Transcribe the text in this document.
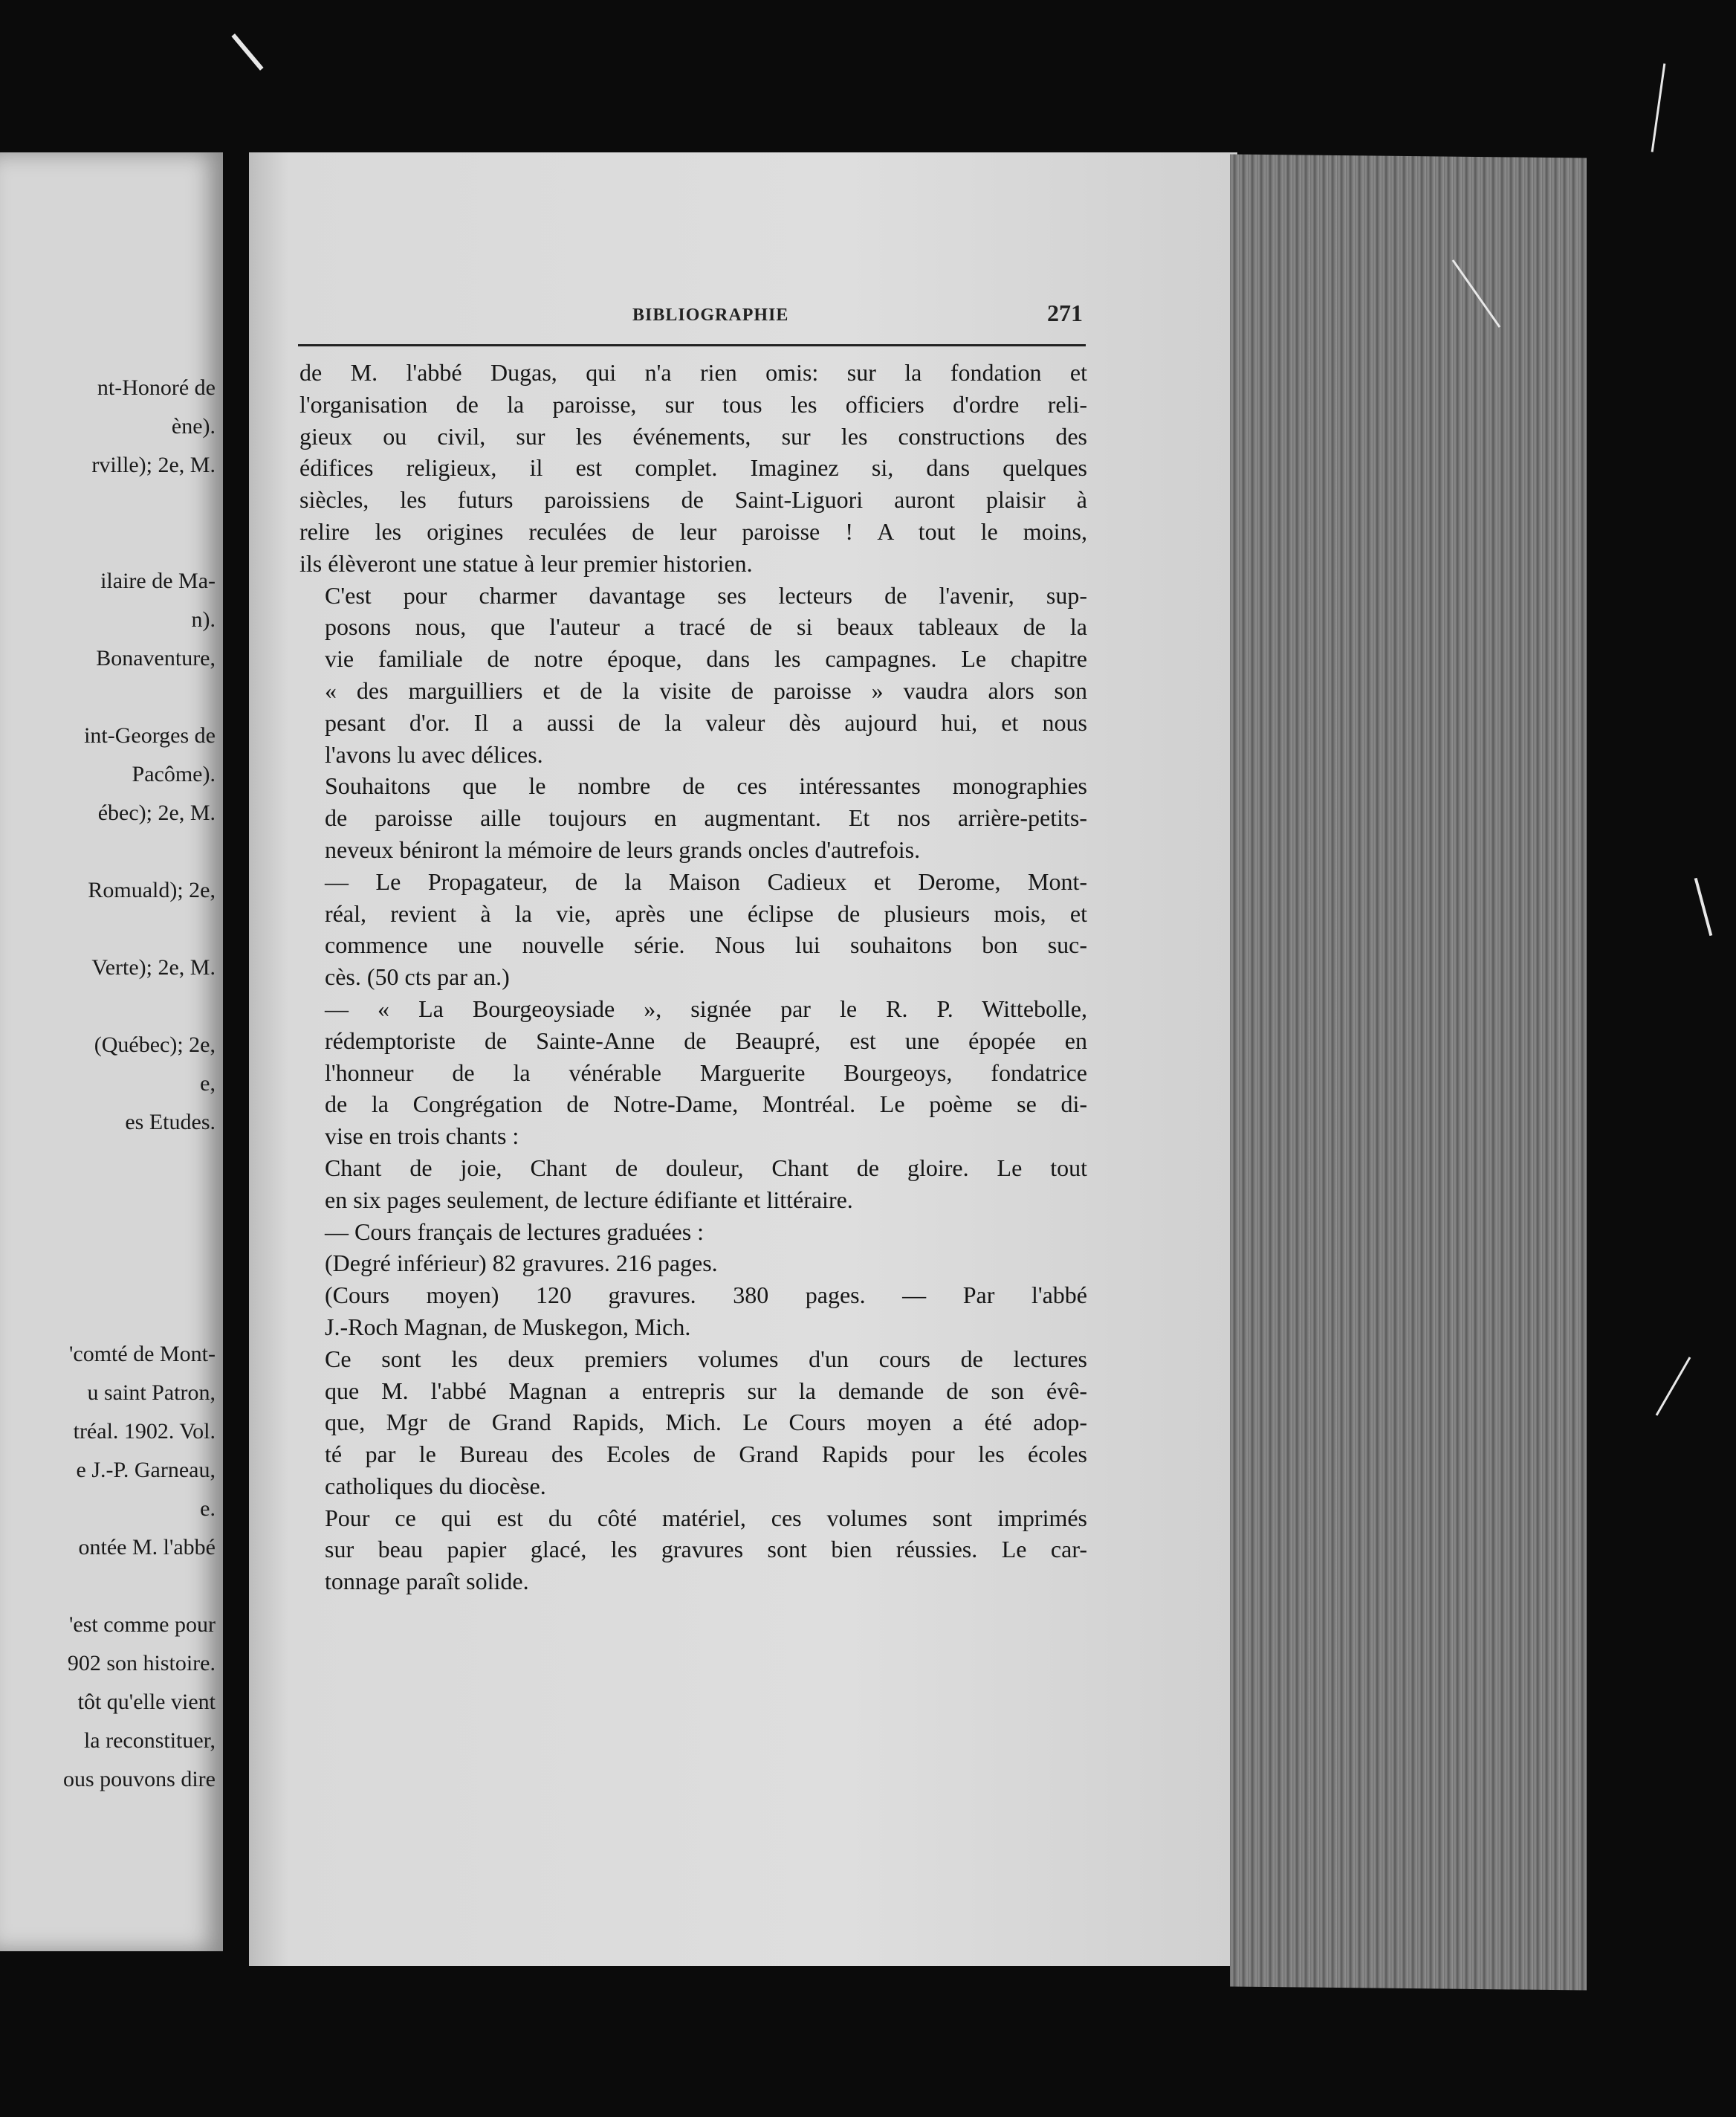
nt-Honoré de
ène).
rville); 2e, M.
ilaire de Ma-
n).
Bonaventure,
int-Georges de
Pacôme).
ébec); 2e, M.
Romuald); 2e,
Verte); 2e, M.
(Québec); 2e,
e,
es Etudes.
'comté de Mont-
u saint Patron,
tréal. 1902. Vol.
e J.-P. Garneau,
e.
ontée M. l'abbé
'est comme pour
902 son histoire.
tôt qu'elle vient
la reconstituer,
ous pouvons dire
BIBLIOGRAPHIE	271

de M. l'abbé Dugas, qui n'a rien omis: sur la fondation et
l'organisation de la paroisse, sur tous les officiers d'ordre reli-
gieux ou civil, sur les événements, sur les constructions des
édifices religieux, il est complet. Imaginez si, dans quelques
siècles, les futurs paroissiens de Saint-Liguori auront plaisir à
relire les origines reculées de leur paroisse ! A tout le moins,
ils élèveront une statue à leur premier historien.

C'est pour charmer davantage ses lecteurs de l'avenir, sup-
posons nous, que l'auteur a tracé de si beaux tableaux de la
vie familiale de notre époque, dans les campagnes. Le chapitre
« des marguilliers et de la visite de paroisse » vaudra alors son
pesant d'or. Il a aussi de la valeur dès aujourd hui, et nous
l'avons lu avec délices.

Souhaitons que le nombre de ces intéressantes monographies
de paroisse aille toujours en augmentant. Et nos arrière-petits-
neveux béniront la mémoire de leurs grands oncles d'autrefois.

— Le Propagateur, de la Maison Cadieux et Derome, Mont-
réal, revient à la vie, après une éclipse de plusieurs mois, et
commence une nouvelle série. Nous lui souhaitons bon suc-
cès. (50 cts par an.)

— « La Bourgeoysiade », signée par le R. P. Wittebolle,
rédemptoriste de Sainte-Anne de Beaupré, est une épopée en
l'honneur de la vénérable Marguerite Bourgeoys, fondatrice
de la Congrégation de Notre-Dame, Montréal. Le poème se di-
vise en trois chants :

Chant de joie, Chant de douleur, Chant de gloire. Le tout
en six pages seulement, de lecture édifiante et littéraire.

— Cours français de lectures graduées :

(Degré inférieur) 82 gravures. 216 pages.

(Cours moyen) 120 gravures. 380 pages. — Par l'abbé
J.-Roch Magnan, de Muskegon, Mich.

Ce sont les deux premiers volumes d'un cours de lectures
que M. l'abbé Magnan a entrepris sur la demande de son évê-
que, Mgr de Grand Rapids, Mich. Le Cours moyen a été adop-
té par le Bureau des Ecoles de Grand Rapids pour les écoles
catholiques du diocèse.

Pour ce qui est du côté matériel, ces volumes sont imprimés
sur beau papier glacé, les gravures sont bien réussies. Le car-
tonnage paraît solide.
